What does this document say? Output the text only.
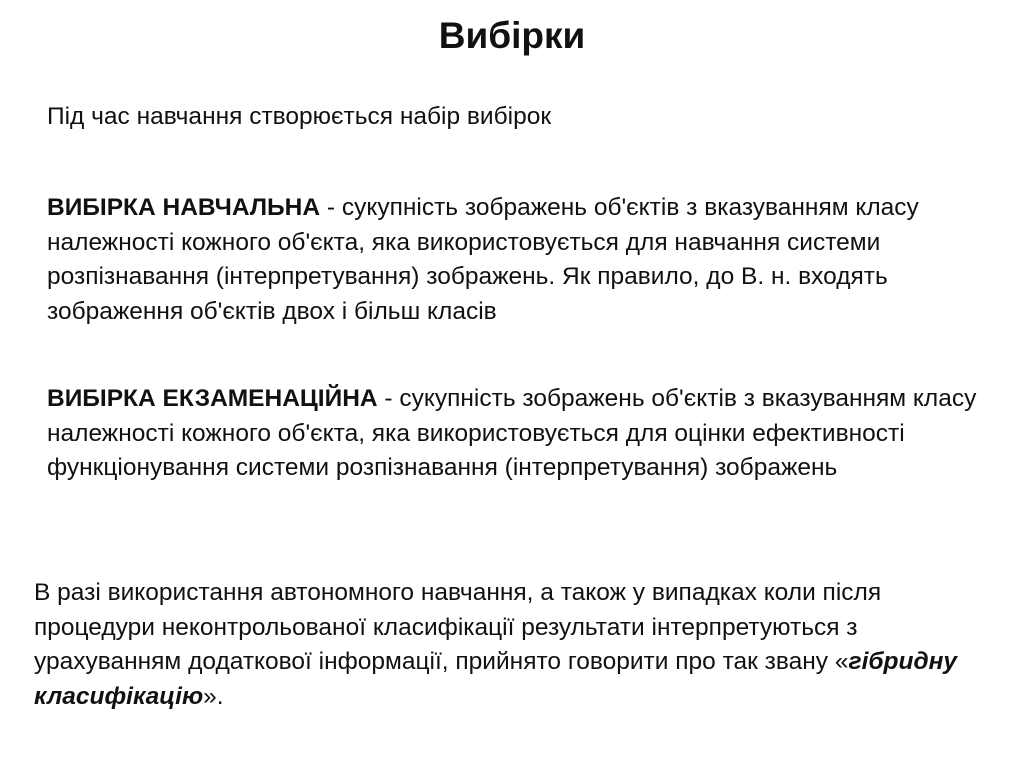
Вибірки
Під час навчання створюється набір вибірок
ВИБІРКА НАВЧАЛЬНА - сукупність зображень об'єктів з вказуванням класу належності кожного об'єкта, яка використовується для навчання системи розпізнавання (інтерпретування) зображень. Як правило, до В. н. входять зображення об'єктів двох і більш класів
ВИБІРКА ЕКЗАМЕНАЦІЙНА - сукупність зображень об'єктів з вказуванням класу належності кожного об'єкта, яка використовується для оцінки ефективності функціонування системи розпізнавання (інтерпретування) зображень
В разі використання автономного навчання, а також у випадках коли після процедури неконтрольованої класифікації результати інтерпретуються з урахуванням додаткової інформації, прийнято говорити про так звану «гібридну класифікацію».
